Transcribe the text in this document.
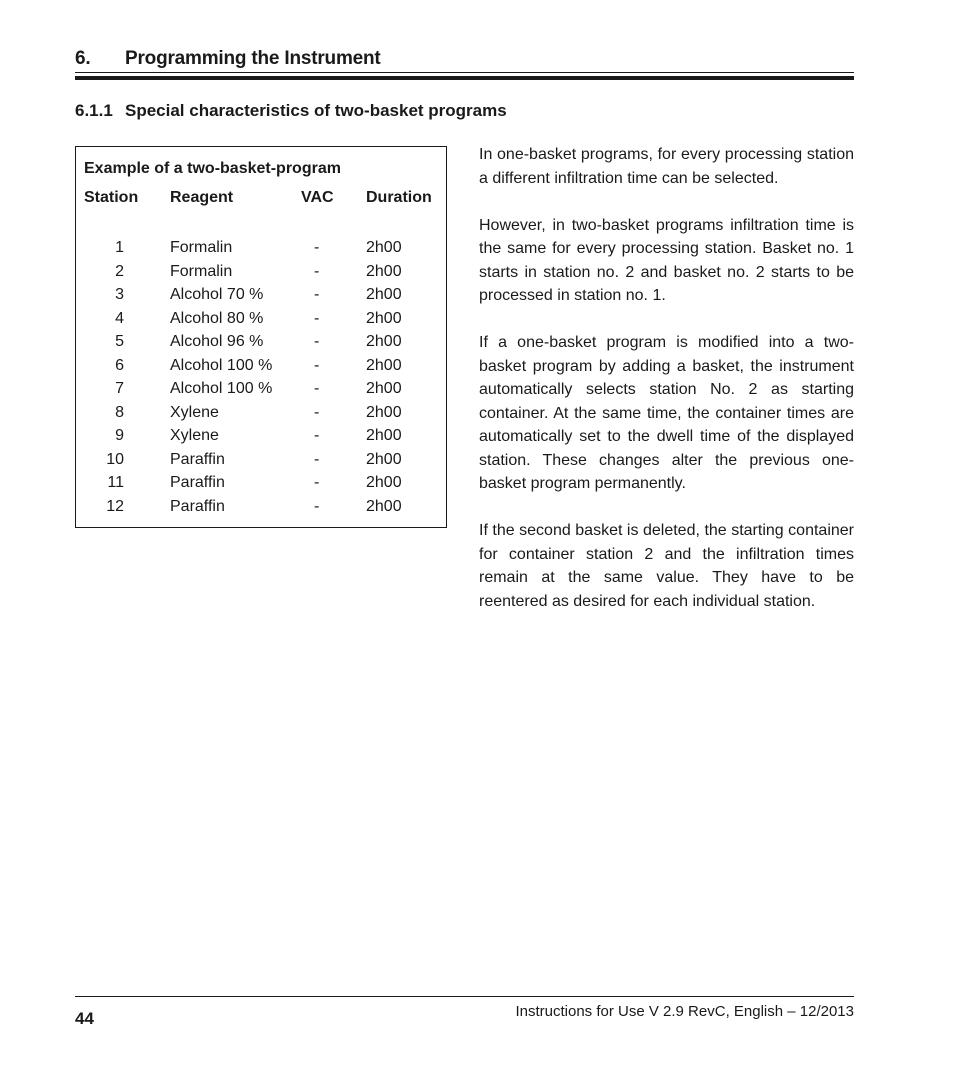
6. Programming the Instrument
6.1.1 Special characteristics of two-basket programs
Example of a two-basket-program
Station Reagent	VAC Duration
1	Formalin	-	2h00
2	Formalin	-	2h00
3	Alcohol 70 %	-	2h00
4	Alcohol 80 %	-	2h00
5	Alcohol 96 %	-	2h00
6	Alcohol 100 %	-	2h00
7	Alcohol 100 %	-	2h00
8	Xylene	-	2h00
9	Xylene	-	2h00
10	Paraffin	-	2h00
11	Paraffin	-	2h00
12	Paraffin	-	2h00

In one-basket programs, for every processing station a different infiltration time can be selected.

However, in two-basket programs infiltration time is the same for every processing station. Basket no. 1 starts in station no. 2 and basket no. 2 starts to be processed in station no. 1.

If a one-basket program is modified into a two-basket program by adding a basket, the instrument automatically selects station No. 2 as starting container. At the same time, the container times are automatically set to the dwell time of the displayed station. These changes alter the previous one-basket program permanently.

If the second basket is deleted, the starting container for container station 2 and the infiltration times remain at the same value. They have to be reentered as desired for each individual station.

44	Instructions for Use V 2.9 RevC, English – 12/2013
